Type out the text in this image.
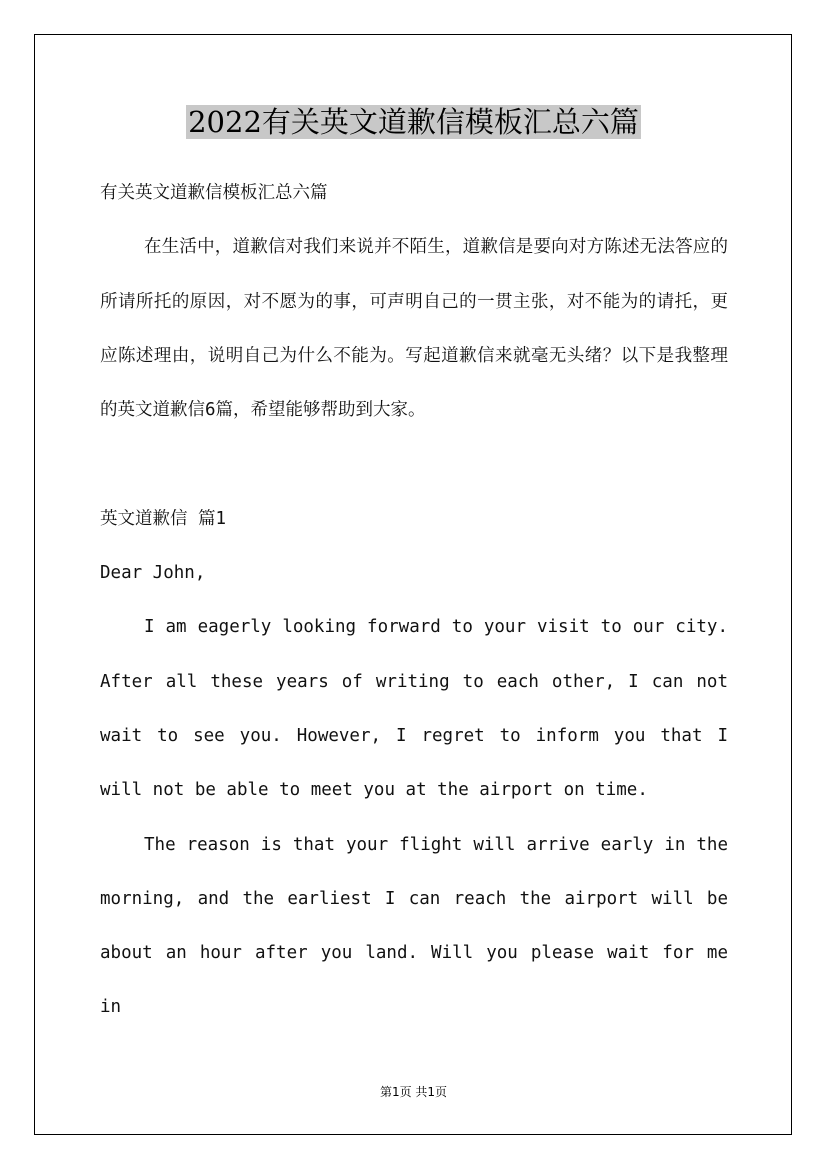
2022有关英文道歉信模板汇总六篇
有关英文道歉信模板汇总六篇
在生活中，道歉信对我们来说并不陌生，道歉信是要向对方陈述无法答应的所请所托的原因，对不愿为的事，可声明自己的一贯主张，对不能为的请托，更应陈述理由，说明自己为什么不能为。写起道歉信来就毫无头绪？以下是我整理的英文道歉信6篇，希望能够帮助到大家。
英文道歉信 篇1
Dear John,
I am eagerly looking forward to your visit to our city. After all these years of writing to each other, I can not wait to see you. However, I regret to inform you that I will not be able to meet you at the airport on time.
The reason is that your flight will arrive early in the morning, and the earliest I can reach the airport will be about an hour after you land. Will you please wait for me in
第1页 共1页
